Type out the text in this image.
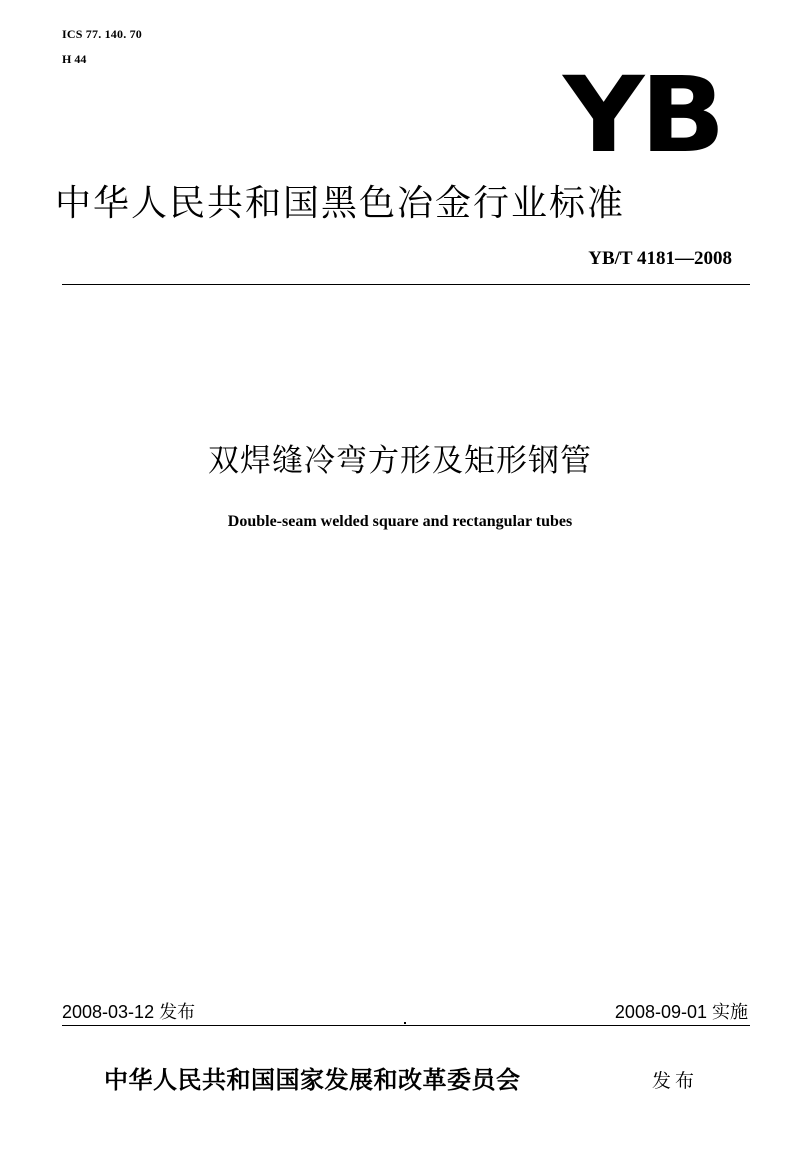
ICS 77. 140. 70
H 44	YB
中华人民共和国黑色冶金行业标准
YB/T 4181—2008
双焊缝冷弯方形及矩形钢管
Double-seam welded square and rectangular tubes
2008-03-12 发布	2008-09-01 实施
中华人民共和国国家发展和改革委员会	发布
